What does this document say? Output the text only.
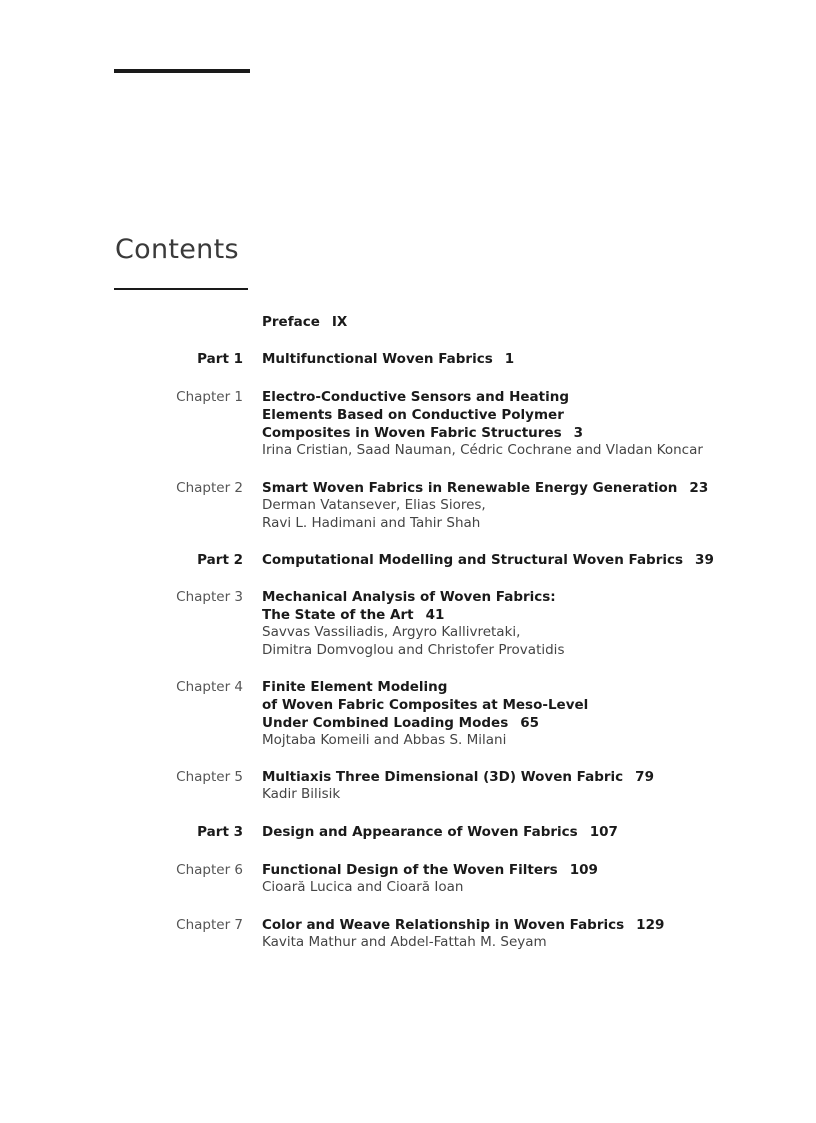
Contents
Preface IX
Part 1 Multifunctional Woven Fabrics 1
Chapter 1 Electro-Conductive Sensors and Heating
Elements Based on Conductive Polymer
Composites in Woven Fabric Structures 3
Irina Cristian, Saad Nauman, Cédric Cochrane and Vladan Koncar
Chapter 2 Smart Woven Fabrics in Renewable Energy Generation 23
Derman Vatansever, Elias Siores,
Ravi L. Hadimani and Tahir Shah
Part 2 Computational Modelling and Structural Woven Fabrics 39
Chapter 3 Mechanical Analysis of Woven Fabrics:
The State of the Art 41
Savvas Vassiliadis, Argyro Kallivretaki,
Dimitra Domvoglou and Christofer Provatidis
Chapter 4 Finite Element Modeling
of Woven Fabric Composites at Meso-Level
Under Combined Loading Modes 65
Mojtaba Komeili and Abbas S. Milani
Chapter 5 Multiaxis Three Dimensional (3D) Woven Fabric 79
Kadir Bilisik
Part 3 Design and Appearance of Woven Fabrics 107
Chapter 6 Functional Design of the Woven Filters 109
Cioară Lucica and Cioară Ioan
Chapter 7 Color and Weave Relationship in Woven Fabrics 129
Kavita Mathur and Abdel-Fattah M. Seyam
